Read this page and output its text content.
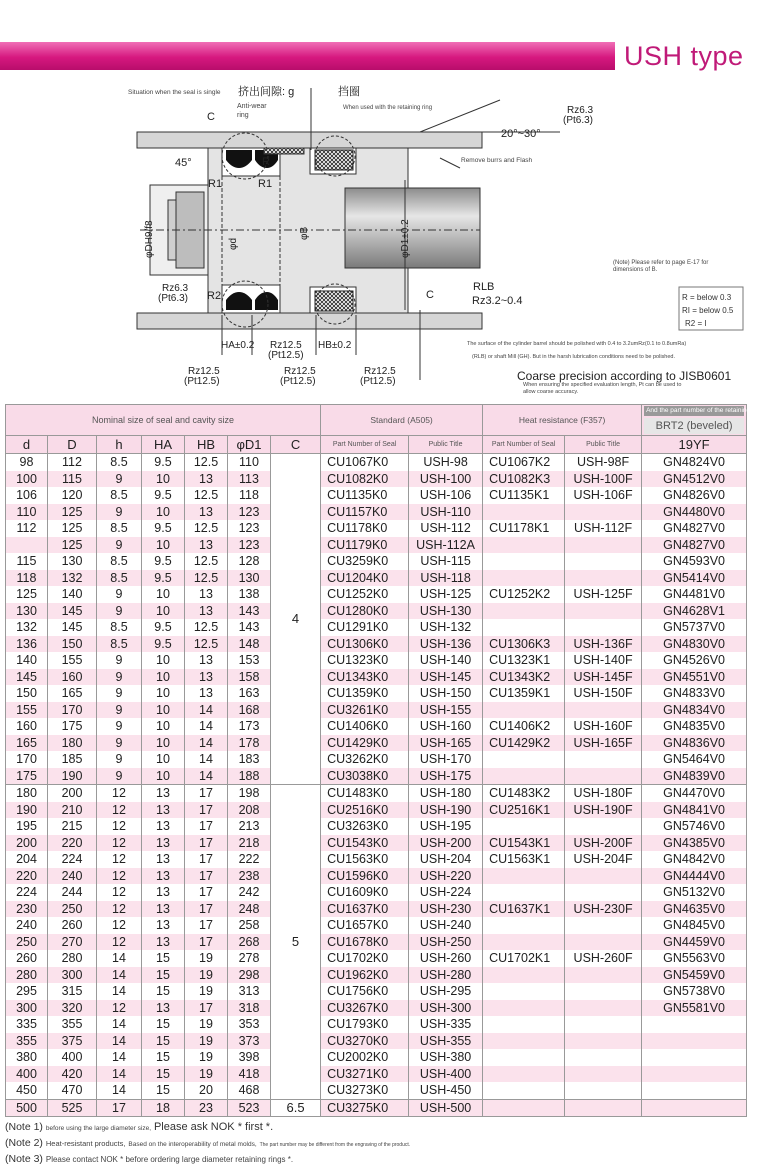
USH type
Situation when the seal is single 挤出间隙: g	挡圈
When used with the retaining ring
Anti-wear
ring	Rz6.3
(Pt6.3)
20°~30°
Remove burrs and Flash
45°
C
R
R1	R1
R2
φDH9/f8	φd
φB	φD1±0.2
(Note) Please refer to page E-17 for
dimensions of B.
Rz6.3
(Pt6.3)	C
RLB
Rz3.2~0.4	R = below 0.3
RI = below 0.5
R2 = I
HA±0.2	HB±0.2
Rz12.5
(Pt12.5)
Rz12.5
(Pt12.5)
Rz12.5
(Pt12.5)
Rz12.5
(Pt12.5)
The surface of the cylinder barrel should be polished with 0.4 to 3.2umRz(0.1 to 0.8umRa)
(RLB) or shaft Mill (GH). But in the harsh lubrication conditions need to be polished.
Coarse precision according to JISB0601
When ensuring the specified evaluation length, Pt can be used to
allow coarse accuracy.
Nominal size of seal and cavity size							Standard (A505)		Heat resistance (F357)		And the part number of the retaining ring
BRT2 (beveled)

d	D	h	HA	HB	φD1	C	Part Number of Seal	Public Title	Part Number of Seal	Public Title	19YF
98	112	8.5	9.5	12.5	110	4	CU1067K0	USH-98	CU1067K2	USH-98F	GN4824V0
100	115	9	10	13	113		CU1082K0	USH-100	CU1082K3	USH-100F	GN4512V0
106	120	8.5	9.5	12.5	118		CU1135K0	USH-106	CU1135K1	USH-106F	GN4826V0
110	125	9	10	13	123		CU1157K0	USH-110			GN4480V0
112	125	8.5	9.5	12.5	123		CU1178K0	USH-112	CU1178K1	USH-112F	GN4827V0
	125	9	10	13	123		CU1179K0	USH-112A			GN4827V0
115	130	8.5	9.5	12.5	128		CU3259K0	USH-115			GN4593V0
118	132	8.5	9.5	12.5	130		CU1204K0	USH-118			GN5414V0
125	140	9	10	13	138		CU1252K0	USH-125	CU1252K2	USH-125F	GN4481V0
130	145	9	10	13	143		CU1280K0	USH-130			GN4628V1
132	145	8.5	9.5	12.5	143		CU1291K0	USH-132			GN5737V0
136	150	8.5	9.5	12.5	148		CU1306K0	USH-136	CU1306K3	USH-136F	GN4830V0
140	155	9	10	13	153		CU1323K0	USH-140	CU1323K1	USH-140F	GN4526V0
145	160	9	10	13	158		CU1343K0	USH-145	CU1343K2	USH-145F	GN4551V0
150	165	9	10	13	163		CU1359K0	USH-150	CU1359K1	USH-150F	GN4833V0
155	170	9	10	14	168		CU3261K0	USH-155			GN4834V0
160	175	9	10	14	173		CU1406K0	USH-160	CU1406K2	USH-160F	GN4835V0
165	180	9	10	14	178		CU1429K0	USH-165	CU1429K2	USH-165F	GN4836V0
170	185	9	10	14	183		CU3262K0	USH-170			GN5464V0
175	190	9	10	14	188		CU3038K0	USH-175			GN4839V0
180	200	12	13	17	198	5	CU1483K0	USH-180	CU1483K2	USH-180F	GN4470V0
190	210	12	13	17	208		CU2516K0	USH-190	CU2516K1	USH-190F	GN4841V0
195	215	12	13	17	213		CU3263K0	USH-195			GN5746V0
200	220	12	13	17	218		CU1543K0	USH-200	CU1543K1	USH-200F	GN4385V0
204	224	12	13	17	222		CU1563K0	USH-204	CU1563K1	USH-204F	GN4842V0
220	240	12	13	17	238		CU1596K0	USH-220			GN4444V0
224	244	12	13	17	242		CU1609K0	USH-224			GN5132V0
230	250	12	13	17	248		CU1637K0	USH-230	CU1637K1	USH-230F	GN4635V0
240	260	12	13	17	258		CU1657K0	USH-240			GN4845V0
250	270	12	13	17	268		CU1678K0	USH-250			GN4459V0
260	280	14	15	19	278		CU1702K0	USH-260	CU1702K1	USH-260F	GN5563V0
280	300	14	15	19	298		CU1962K0	USH-280			GN5459V0
295	315	14	15	19	313		CU1756K0	USH-295			GN5738V0
300	320	12	13	17	318		CU3267K0	USH-300			GN5581V0
335	355	14	15	19	353		CU1793K0	USH-335			
355	375	14	15	19	373		CU3270K0	USH-355			
380	400	14	15	19	398		CU2002K0	USH-380			
400	420	14	15	19	418		CU3271K0	USH-400			
450	470	14	15	20	468		CU3273K0	USH-450			
500	525	17	18	23	523	6.5	CU3275K0	USH-500			
(Note 1) before using the large diameter size, Please ask NOK * first *.
(Note 2) Heat-resistant products, Based on the interoperability of metal molds, The part number may be different from the engraving of the product.
(Note 3) Please contact NOK * before ordering large diameter retaining rings *.
